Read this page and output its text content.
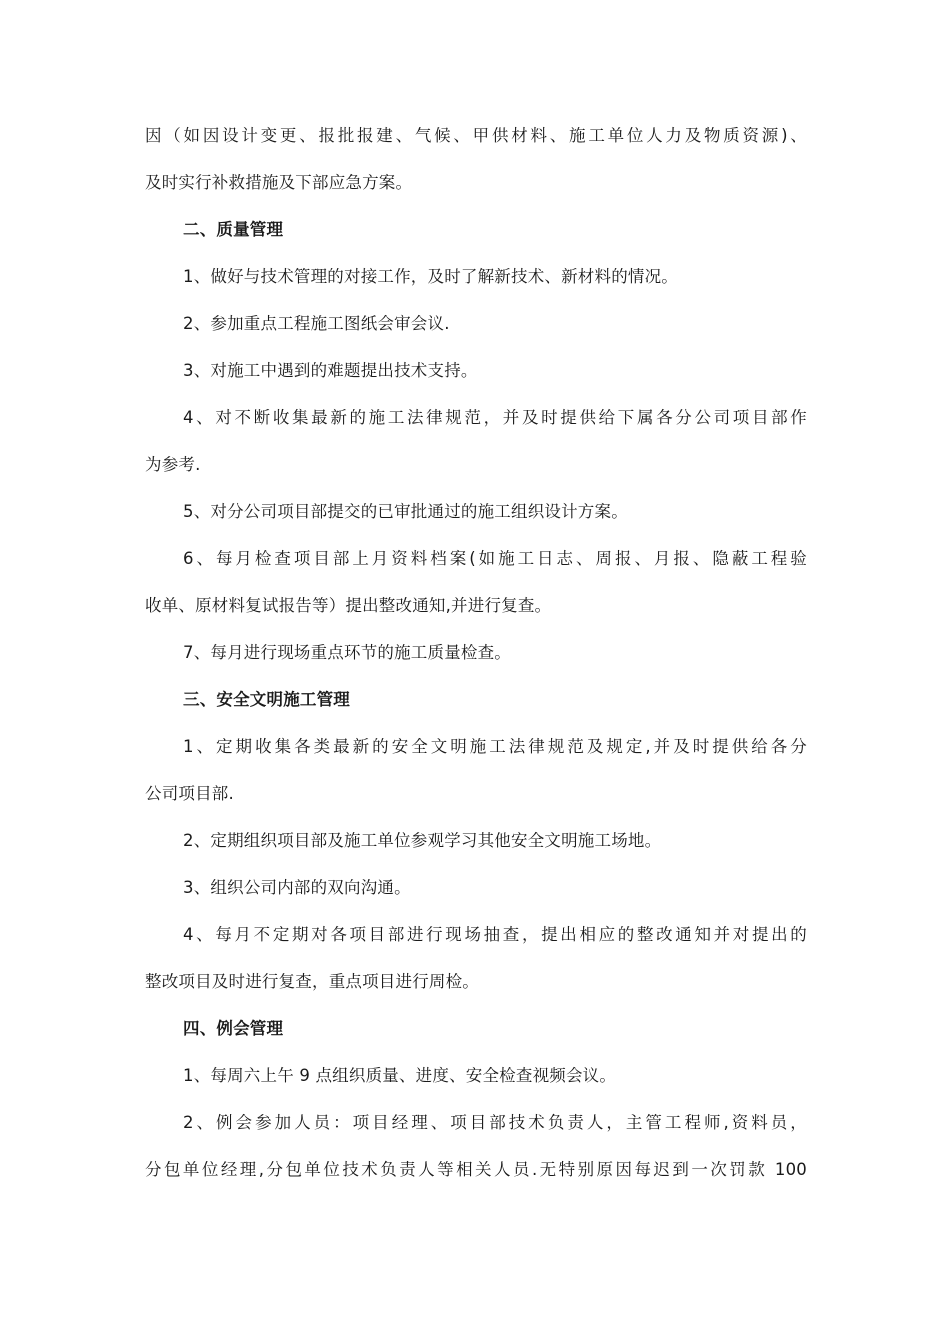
因（如因设计变更、报批报建、气候、甲供材料、施工单位人力及物质资源)、
及时实行补救措施及下部应急方案。
二、质量管理
1、做好与技术管理的对接工作，及时了解新技术、新材料的情况。
2、参加重点工程施工图纸会审会议.
3、对施工中遇到的难题提出技术支持。
4、对不断收集最新的施工法律规范，并及时提供给下属各分公司项目部作
为参考.
5、对分公司项目部提交的已审批通过的施工组织设计方案。
6、每月检查项目部上月资料档案(如施工日志、周报、月报、隐蔽工程验
收单、原材料复试报告等）提出整改通知,并进行复查。
7、每月进行现场重点环节的施工质量检查。
三、安全文明施工管理
1、定期收集各类最新的安全文明施工法律规范及规定,并及时提供给各分
公司项目部.
2、定期组织项目部及施工单位参观学习其他安全文明施工场地。
3、组织公司内部的双向沟通。
4、每月不定期对各项目部进行现场抽查，提出相应的整改通知并对提出的
整改项目及时进行复查，重点项目进行周检。
四、例会管理
1、每周六上午 9 点组织质量、进度、安全检查视频会议。
2、例会参加人员：项目经理、项目部技术负责人，主管工程师,资料员，
分包单位经理,分包单位技术负责人等相关人员.无特别原因每迟到一次罚款 100
